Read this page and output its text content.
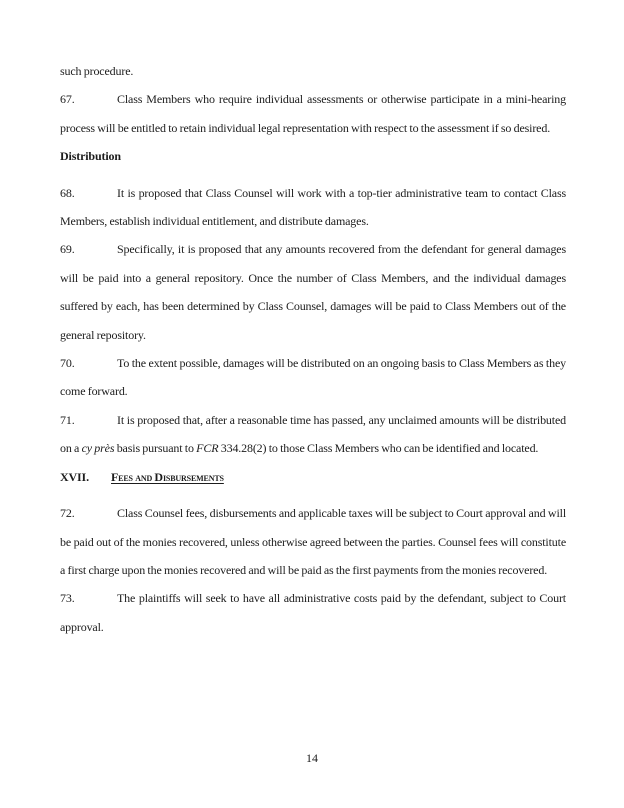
such procedure.

67.	Class Members who require individual assessments or otherwise participate in a mini-hearing process will be entitled to retain individual legal representation with respect to the assessment if so desired.

Distribution

68.	It is proposed that Class Counsel will work with a top-tier administrative team to contact Class Members, establish individual entitlement, and distribute damages.

69.	Specifically, it is proposed that any amounts recovered from the defendant for general damages will be paid into a general repository. Once the number of Class Members, and the individual damages suffered by each, has been determined by Class Counsel, damages will be paid to Class Members out of the general repository.

70.	To the extent possible, damages will be distributed on an ongoing basis to Class Members as they come forward.

71.	It is proposed that, after a reasonable time has passed, any unclaimed amounts will be distributed on a cy près basis pursuant to FCR 334.28(2) to those Class Members who can be identified and located.

XVII. Fees and Disbursements

72.	Class Counsel fees, disbursements and applicable taxes will be subject to Court approval and will be paid out of the monies recovered, unless otherwise agreed between the parties. Counsel fees will constitute a first charge upon the monies recovered and will be paid as the first payments from the monies recovered.

73.	The plaintiffs will seek to have all administrative costs paid by the defendant, subject to Court approval.

14
